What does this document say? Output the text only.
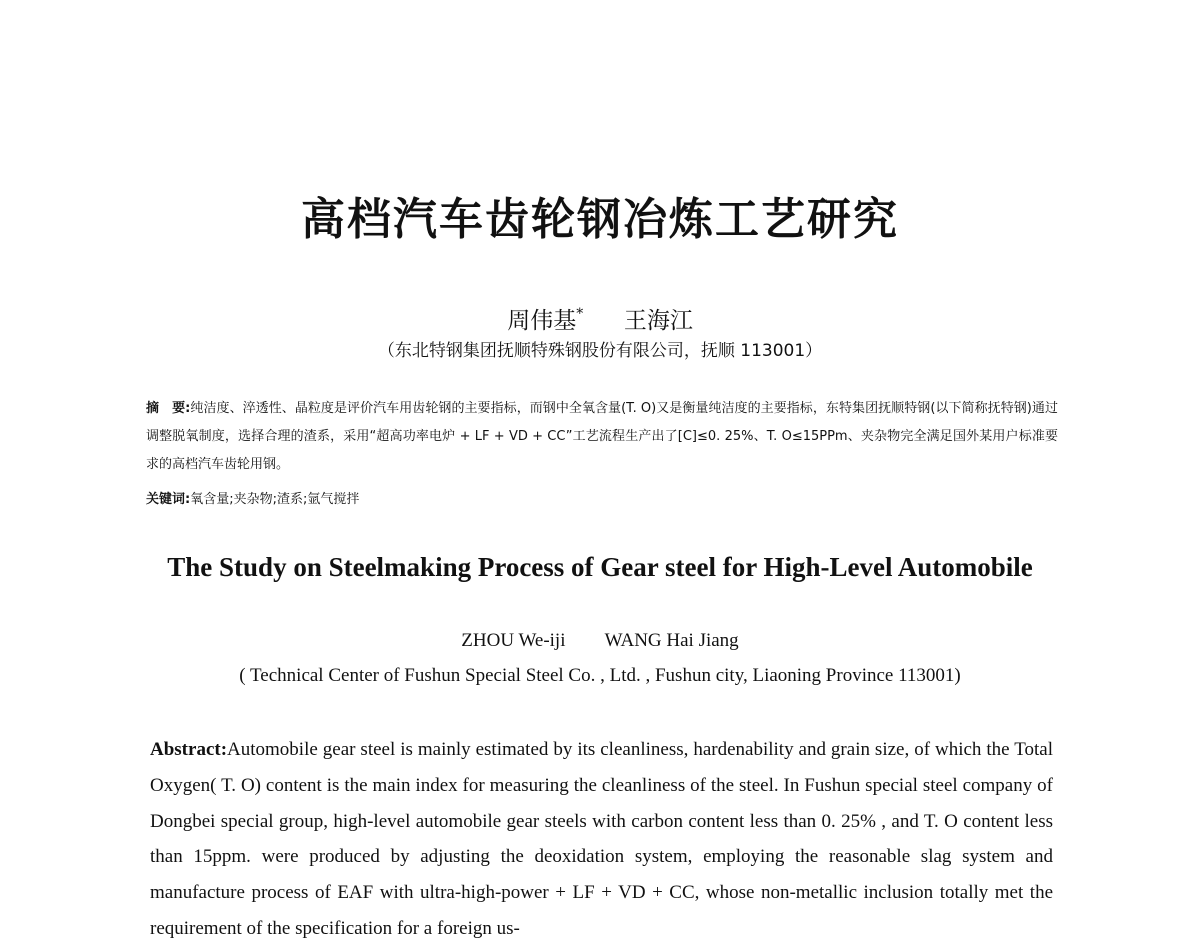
高档汽车齿轮钢冶炼工艺研究
周伟基* 王海江
（东北特钢集团抚顺特殊钢股份有限公司，抚顺 113001）
摘　要:纯洁度、淬透性、晶粒度是评价汽车用齿轮钢的主要指标，而钢中全氧含量(T. O)又是衡量纯洁度的主要指标，东特集团抚顺特钢(以下简称抚特钢)通过调整脱氧制度，选择合理的渣系，采用“超高功率电炉 + LF + VD + CC”工艺流程生产出了[C]≤0. 25%、T. O≤15PPm、夹杂物完全满足国外某用户标准要求的高档汽车齿轮用钢。
关键词:氧含量;夹杂物;渣系;氩气搅拌
The Study on Steelmaking Process of Gear steel for High-Level Automobile
ZHOU We-iji WANG Hai Jiang
( Technical Center of Fushun Special Steel Co. , Ltd. , Fushun city, Liaoning Province 113001)
Abstract:Automobile gear steel is mainly estimated by its cleanliness, hardenability and grain size, of which the Total Oxygen( T. O) content is the main index for measuring the cleanliness of the steel. In Fushun special steel company of Dongbei special group, high-level automobile gear steels with carbon content less than 0. 25% , and T. O content less than 15ppm. were produced by adjusting the deoxidation system, employing the reasonable slag system and manufacture process of EAF with ultra-high-power + LF + VD + CC, whose non-metallic inclusion totally met the requirement of the specification for a foreign us-
